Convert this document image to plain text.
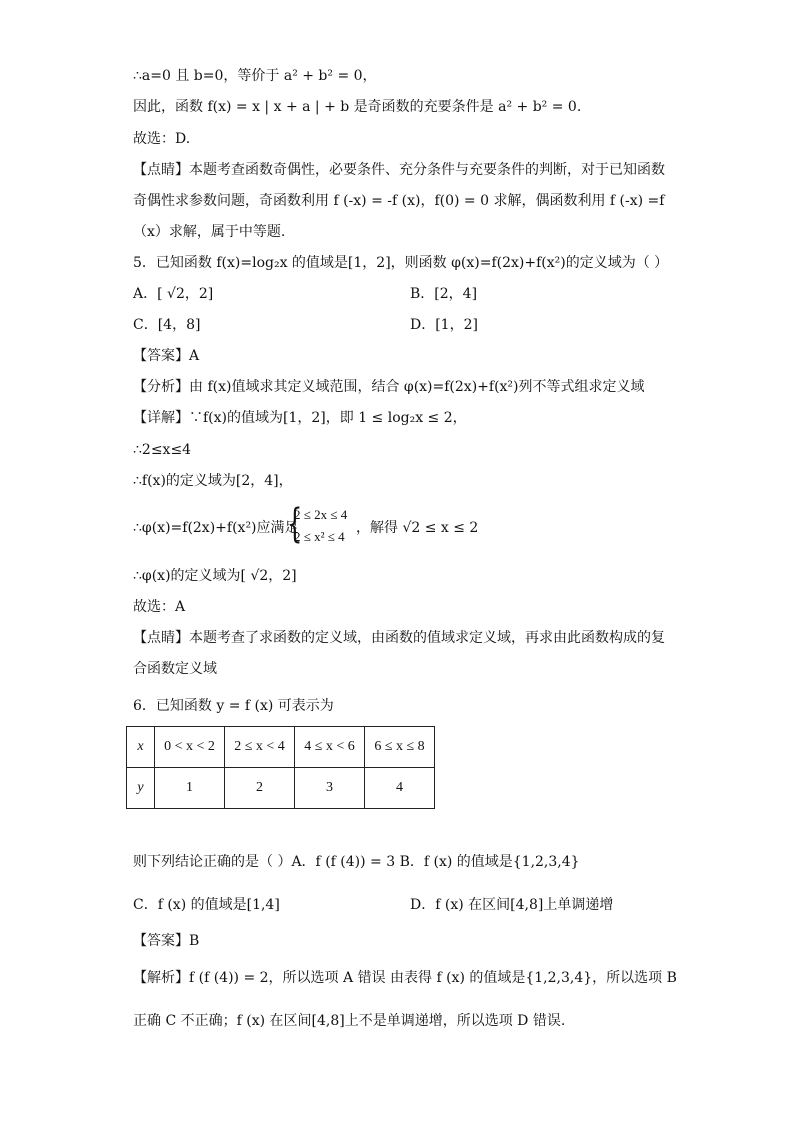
∴a=0 且 b=0，等价于 a² + b² = 0，
因此，函数 f(x) = x | x + a | + b 是奇函数的充要条件是 a² + b² = 0.
故选：D.
【点睛】本题考查函数奇偶性，必要条件、充分条件与充要条件的判断，对于已知函数
奇偶性求参数问题，奇函数利用 f (-x) = -f (x)，f(0) = 0 求解，偶函数利用 f (-x) =f
（x）求解，属于中等题.
5．已知函数 f(x)=log₂x 的值域是[1，2]，则函数 φ(x)=f(2x)+f(x²)的定义域为（ ）
A．[ √2，2]	B．[2，4]
C．[4，8]	D．[1，2]
【答案】A
【分析】由 f(x)值域求其定义域范围，结合 φ(x)=f(2x)+f(x²)列不等式组求定义域
【详解】∵f(x)的值域为[1，2]，即 1 ≤ log₂x ≤ 2，
∴2≤x≤4
∴f(x)的定义域为[2，4]，
∴φ(x)=f(2x)+f(x²)应满足
{
2 ≤ 2x ≤ 4
2 ≤ x² ≤ 4
，解得 √2 ≤ x ≤ 2
∴φ(x)的定义域为[ √2，2]
故选：A
【点睛】本题考查了求函数的定义域，由函数的值域求定义域，再求由此函数构成的复
合函数定义域
6．已知函数 y = f (x) 可表示为
x	0 < x < 2	2 ≤ x < 4	4 ≤ x < 6	6 ≤ x ≤ 8
y	1	2	3	4
则下列结论正确的是（ ）A．f (f (4)) = 3 B．f (x) 的值域是{1,2,3,4}
C．f (x) 的值域是[1,4]	D．f (x) 在区间[4,8]上单调递增
【答案】B
【解析】f (f (4)) = 2，所以选项 A 错误 由表得 f (x) 的值域是{1,2,3,4}，所以选项 B
正确 C 不正确；f (x) 在区间[4,8]上不是单调递增，所以选项 D 错误.
